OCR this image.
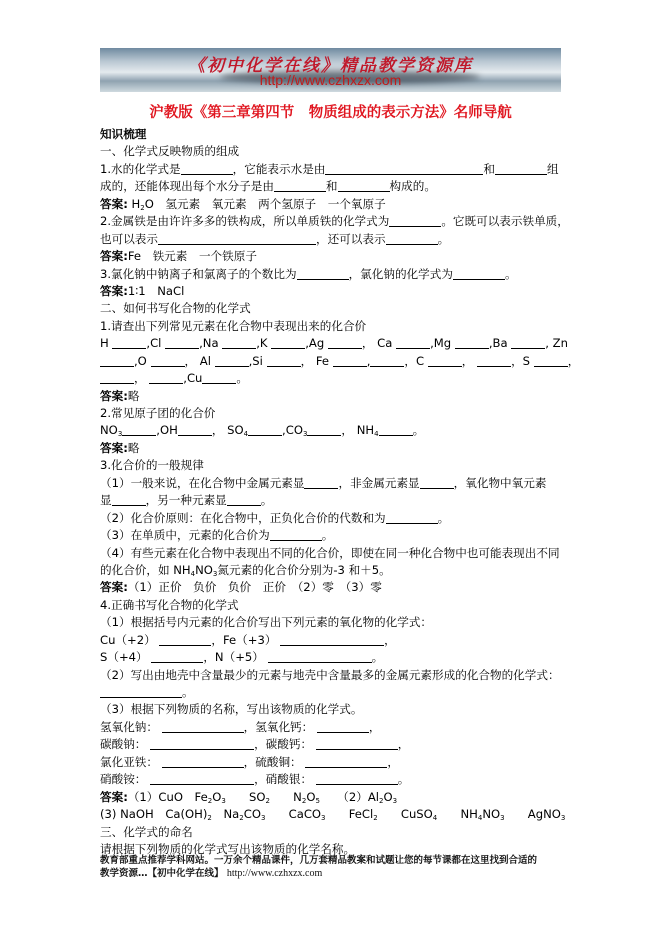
《初中化学在线》精品教学资源库
http://www.czhxzx.com
沪教版《第三章第四节　物质组成的表示方法》名师导航
知识梳理
一、化学式反映物质的组成
1.水的化学式是	，它能表示水是由	和	组
成的，还能体现出每个水分子是由	和	构成的。
答案: $H_2O$　氢元素　氧元素　两个氢原子　一个氧原子
2.金属铁是由许许多多的铁构成，所以单质铁的化学式为	。它既可以表示铁单质，
也可以表示	，还可以表示	。
答案:Fe　铁元素　一个铁原子
3.氯化钠中钠离子和氯离子的个数比为	，氯化钠的化学式为	。
答案:1∶1　NaCl
二、如何书写化合物的化学式
1.请查出下列常见元素在化合物中表现出来的化合价
H	,Cl	,Na	,K	,Ag	， Ca	,Mg	,Ba	, Zn
,O	， Al	,Si	， Fe	,	，C	，	，S	，
，	,Cu	。
答案:略
2.常见原子团的化合价
$NO_3$	,OH	， $SO_4$	$,CO_3$	， $NH_4$	。
答案:略
3.化合价的一般规律
（1）一般来说，在化合物中金属元素显	，非金属元素显	，氧化物中氧元素
显	，另一种元素显	。
（2）化合价原则：在化合物中，正负化合价的代数和为	。
（3）在单质中，元素的化合价为	。
（4）有些元素在化合物中表现出不同的化合价，即使在同一种化合物中也可能表现出不同
的化合价，如 $NH_4NO_3$氮元素的化合价分别为-3 和＋5。
答案:（1）正价　负价　负价　正价　（2）零　（3）零
4.正确书写化合物的化学式
（1）根据括号内元素的化合价写出下列元素的氧化物的化学式：
Cu（+2）	，Fe（+3）	，
S（+4）	，N（+5）	。
（2）写出由地壳中含量最少的元素与地壳中含量最多的金属元素形成的化合物的化学式：
。
（3）根据下列物质的名称，写出该物质的化学式。
氢氧化钠：	，氢氧化钙：	，
碳酸钠：	，碳酸钙：	，
氯化亚铁：	，硫酸铜：	，
硝酸铵：	，硝酸银：	。
答案:（1）CuO　$Fe_2O_3$　　$SO_2$　　$N_2O_5$　　$(2)Al_2O_3$
(3) NaOH　$Ca(OH)_2$　$Na_2CO_3$　　CaCO$_3$　　FeCl$_2$　　CuSO$_4$　　$NH_4NO_3$　　AgNO$_3$
三、化学式的命名
请根据下列物质的化学式写出该物质的化学名称。
教育部重点推荐学科网站。一万余个精品课件，几万套精品教案和试题让您的每节课都在这里找到合适的
教学资源…【初中化学在线】 http://www.czhxzx.com
